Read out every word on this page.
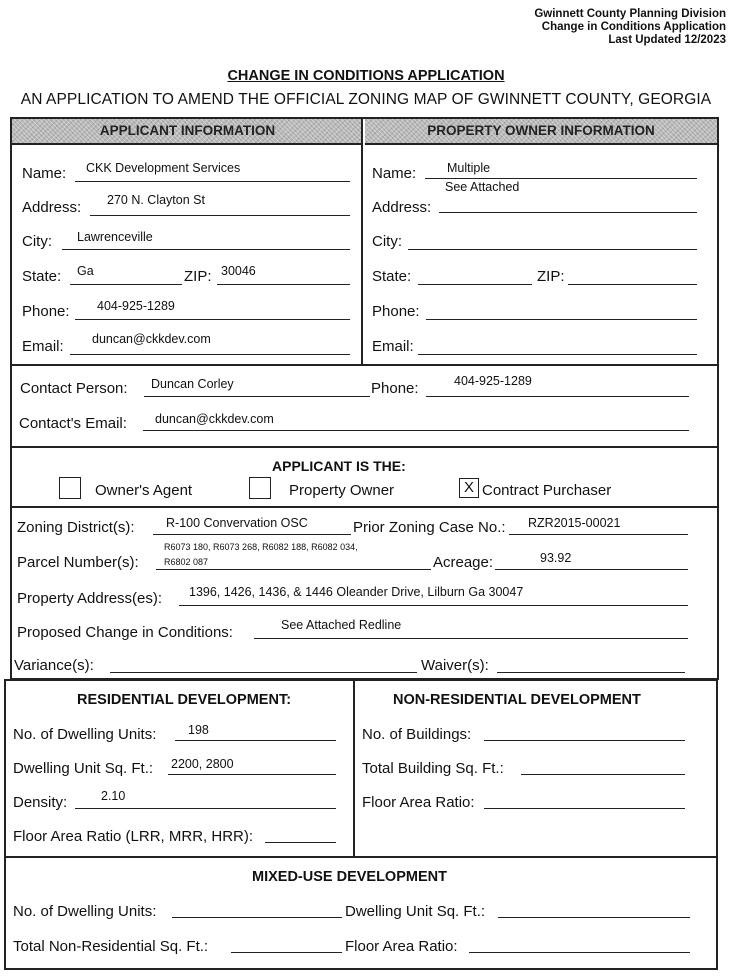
Gwinnett County Planning Division
Change in Conditions Application
Last Updated 12/2023
CHANGE IN CONDITIONS APPLICATION
AN APPLICATION TO AMEND THE OFFICIAL ZONING MAP OF GWINNETT COUNTY, GEORGIA
APPLICANT INFORMATION	PROPERTY OWNER INFORMATION
Name: CKK Development Services
Address: 270 N. Clayton St
City: Lawrenceville
State: Ga	ZIP: 30046
Phone: 404-925-1289
Email: duncan@ckkdev.com
Name: Multiple
See Attached
Address:
City:
State:	ZIP:
Phone:
Email:
Contact Person: Duncan Corley	Phone:	404-925-1289
Contact's Email: duncan@ckkdev.com
APPLICANT IS THE:
Owner's Agent	Property Owner	X Contract Purchaser
Zoning District(s):	R-100 Convervation OSC	Prior Zoning Case No.: RZR2015-00021
Parcel Number(s):
R6073 180, R6073 268, R6082 188, R6082 034,
R6802 087	Acreage:	93.92
Property Address(es): 1396, 1426, 1436, & 1446 Oleander Drive, Lilburn Ga 30047
Proposed Change in Conditions:	See Attached Redline
Variance(s):	Waiver(s):
RESIDENTIAL DEVELOPMENT:
No. of Dwelling Units:	198
Dwelling Unit Sq. Ft.: 2200, 2800
Density:	2.10
Floor Area Ratio (LRR, MRR, HRR):
NON-RESIDENTIAL DEVELOPMENT
No. of Buildings:
Total Building Sq. Ft.:
Floor Area Ratio:
MIXED-USE DEVELOPMENT
No. of Dwelling Units:	Dwelling Unit Sq. Ft.:
Total Non-Residential Sq. Ft.:	Floor Area Ratio:
